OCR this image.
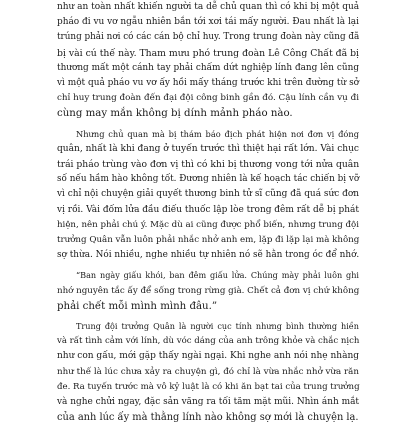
như an toàn nhất khiến người ta dễ chủ quan thì có khi bị một quả
pháo đi vu vơ ngẫu nhiên bắn tới xơi tái mấy người. Đau nhất là lại
trúng phải nơi có các cán bộ chỉ huy. Trong trung đoàn này cũng đã
bị vài cú thế này. Tham mưu phó trung đoàn Lê Công Chất đã bị
thương mất một cánh tay phải chấm dứt nghiệp lính đang lên cũng
vì một quả pháo vu vơ ấy hồi mấy tháng trước khi trên đường từ sở
chỉ huy trung đoàn đến đại đội công binh gần đó. Cậu lính cần vụ đi
cùng may mắn không bị dính mảnh pháo nào.
Nhưng chủ quan mà bị thám báo địch phát hiện nơi đơn vị đóng
quân, nhất là khi đang ở tuyến trước thì thiệt hại rất lớn. Vài chục
trái pháo trùng vào đơn vị thì có khi bị thương vong tới nửa quân
số nếu hầm hào không tốt. Đương nhiên là kế hoạch tác chiến bị vỡ
vì chỉ nội chuyện giải quyết thương binh tử sĩ cũng đã quá sức đơn
vị rồi. Vài đốm lửa đầu điếu thuốc lập lòe trong đêm rất dễ bị phát
hiện, nên phải chú ý. Mặc dù ai cũng được phổ biến, nhưng trung đội
trưởng Quân vẫn luôn phải nhắc nhở anh em, lặp đi lặp lại mà không
sợ thừa. Nói nhiều, nghe nhiều tự nhiên nó sẽ hằn trong óc để nhớ.
“Ban ngày giấu khói, ban đêm giấu lửa. Chúng mày phải luôn ghi
nhớ nguyên tắc ấy để sống trong rừng già. Chết cả đơn vị chứ không
phải chết mỗi mình mình đâu.”
Trung đội trưởng Quân là người cục tính nhưng bình thường hiền
và rất tình cảm với lính, dù vóc dáng của anh trông khỏe và chắc nịch
như con gấu, mới gặp thấy ngài ngại. Khi nghe anh nói nhẹ nhàng
như thế là lúc chưa xảy ra chuyện gì, đó chỉ là vừa nhắc nhở vừa răn
đe. Ra tuyến trước mà vô kỷ luật là có khi ăn bạt tai của trung trưởng
và nghe chửi ngay, đặc sản văng ra tối tăm mặt mũi. Nhìn ánh mắt
của anh lúc ấy mà thằng lính nào không sợ mới là chuyện lạ.
